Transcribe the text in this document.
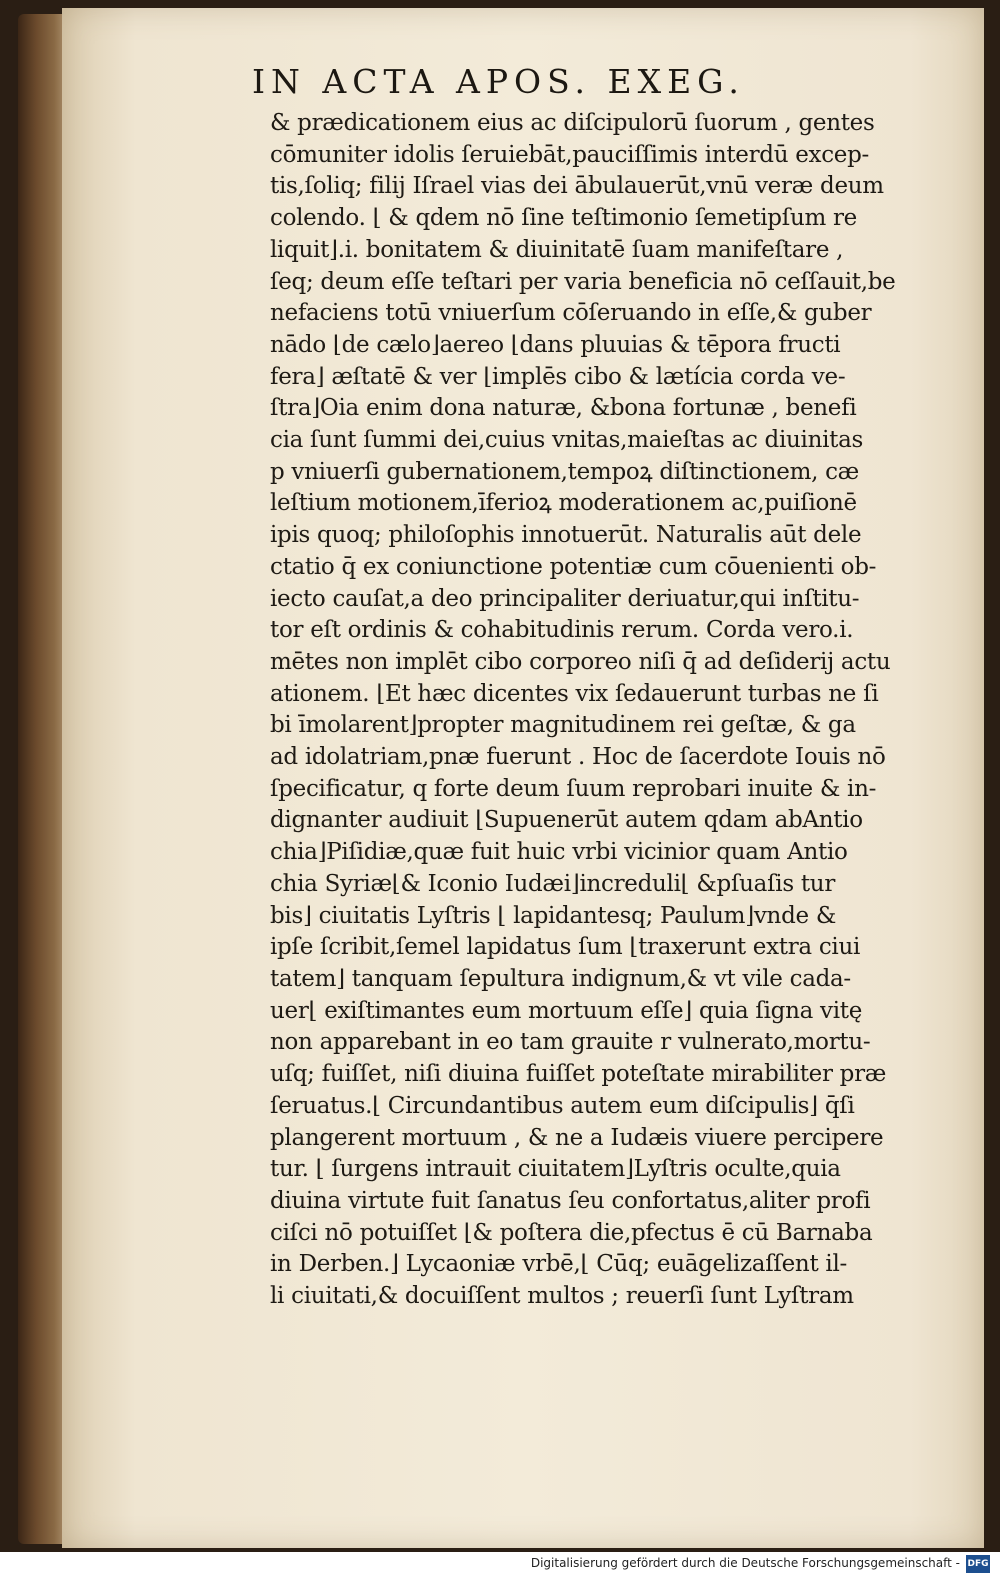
IN ACTA APOS. EXEG.
& prædicationem eius ac diſcipulorū ſuorum , gentes
cōmuniter idolis ſeruiebāt,pauciſſimis interdū excep-
tis,ſoliq; filij Iſrael vias dei ābulauerūt,vnū veræ deum
colendo. ⌊ & qdem nō ſine teſtimonio ſemetipſum re
liquit⌋.i. bonitatem & diuinitatē ſuam manifeſtare ,
ſeq; deum eſſe teſtari per varia beneficia nō ceſſauit,be
nefaciens totū vniuerſum cōſeruando in eſſe,& guber
nādo ⌊de cælo⌋aereo ⌊dans pluuias & tēpora fructi
fera⌋ æſtatē & ver ⌊implēs cibo & lætícia corda ve-
ſtra⌋Oia enim dona naturæ, &bona fortunæ , benefi
cia ſunt ſummi dei,cuius vnitas,maieſtas ac diuinitas
p vniuerſi gubernationem,tempoꝝ diſtinctionem, cæ
leſtium motionem,īferioꝝ moderationem ac,puiſionē
ipis quoq; philoſophis innotuerūt. Naturalis aūt dele
ctatio q̄ ex coniunctione potentiæ cum cōuenienti ob-
iecto cauſat,a deo principaliter deriuatur,qui inſtitu-
tor eſt ordinis & cohabitudinis rerum. Corda vero.i.
mētes non implēt cibo corporeo niſi q̄ ad deſiderij actu
ationem. ⌊Et hæc dicentes vix ſedauerunt turbas ne ſi
bi īmolarent⌋propter magnitudinem rei geſtæ, & ga
ad idolatriam,pnæ fuerunt . Hoc de ſacerdote Iouis nō
ſpecificatur, q forte deum ſuum reprobari inuite & in-
dignanter audiuit ⌊Supuenerūt autem qdam abAntio
chia⌋Piſidiæ,quæ fuit huic vrbi vicinior quam Antio
chia Syriæ⌊& Iconio Iudæi⌋increduli⌊ &pſuaſis tur
bis⌋ ciuitatis Lyſtris ⌊ lapidantesq; Paulum⌋vnde &
ipſe ſcribit,ſemel lapidatus ſum ⌊traxerunt extra ciui
tatem⌋ tanquam ſepultura indignum,& vt vile cada-
uer⌊ exiſtimantes eum mortuum eſſe⌋ quia ſigna vitę
non apparebant in eo tam grauite r vulnerato,mortu-
uſq; fuiſſet, niſi diuina fuiſſet poteſtate mirabiliter præ
ſeruatus.⌊ Circundantibus autem eum diſcipulis⌋ q̄ſi
plangerent mortuum , & ne a Iudæis viuere percipere
tur. ⌊ ſurgens intrauit ciuitatem⌋Lyſtris oculte,quia
diuina virtute fuit ſanatus ſeu confortatus,aliter profi
ciſci nō potuiſſet ⌊& poſtera die,pfectus ē cū Barnaba
in Derben.⌋ Lycaoniæ vrbē,⌊ Cūq; euāgelizaſſent il-
li ciuitati,& docuiſſent multos ; reuerſi ſunt Lyſtram
Digitalisierung gefördert durch die Deutsche Forschungsgemeinschaft - DFG
